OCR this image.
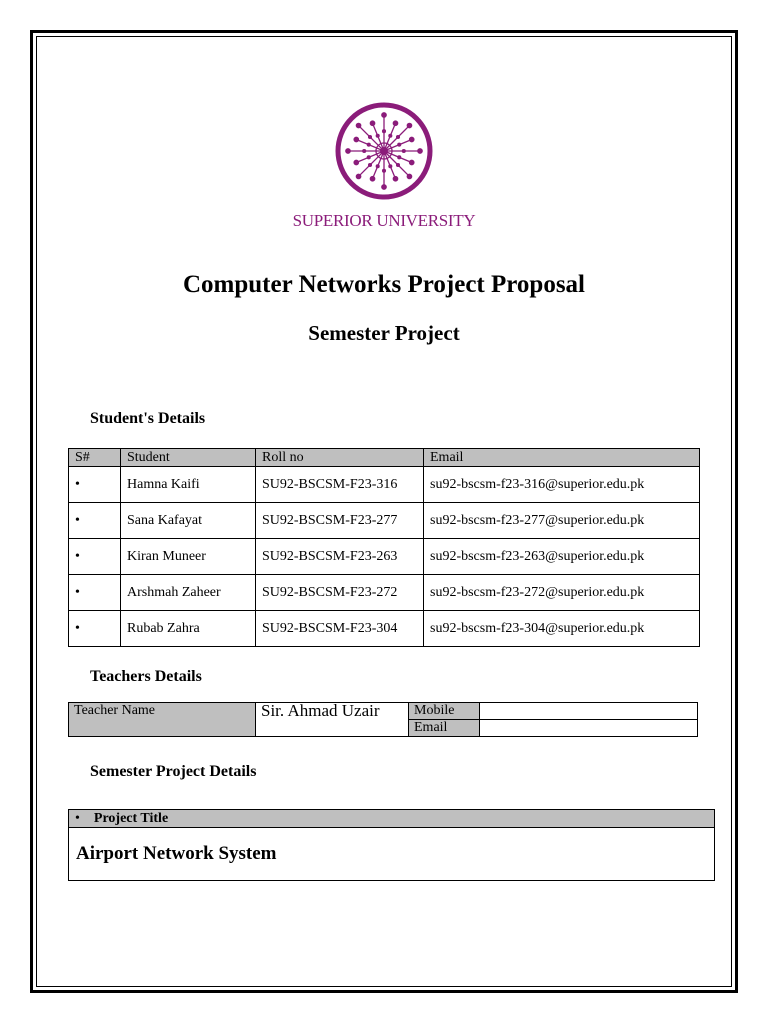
SUPERIOR UNIVERSITY
Computer Networks Project Proposal
Semester Project
Student's Details
S#	Student	Roll no	Email
•	Hamna Kaifi	SU92-BSCSM-F23-316	su92-bscsm-f23-316@superior.edu.pk
•	Sana Kafayat	SU92-BSCSM-F23-277	su92-bscsm-f23-277@superior.edu.pk
•	Kiran Muneer	SU92-BSCSM-F23-263	su92-bscsm-f23-263@superior.edu.pk
•	Arshmah Zaheer	SU92-BSCSM-F23-272	su92-bscsm-f23-272@superior.edu.pk
•	Rubab Zahra	SU92-BSCSM-F23-304	su92-bscsm-f23-304@superior.edu.pk
Teachers Details
Teacher Name	Sir. Ahmad Uzair	Mobile	
		Email	
Semester Project Details
• Project Title
Airport Network System
